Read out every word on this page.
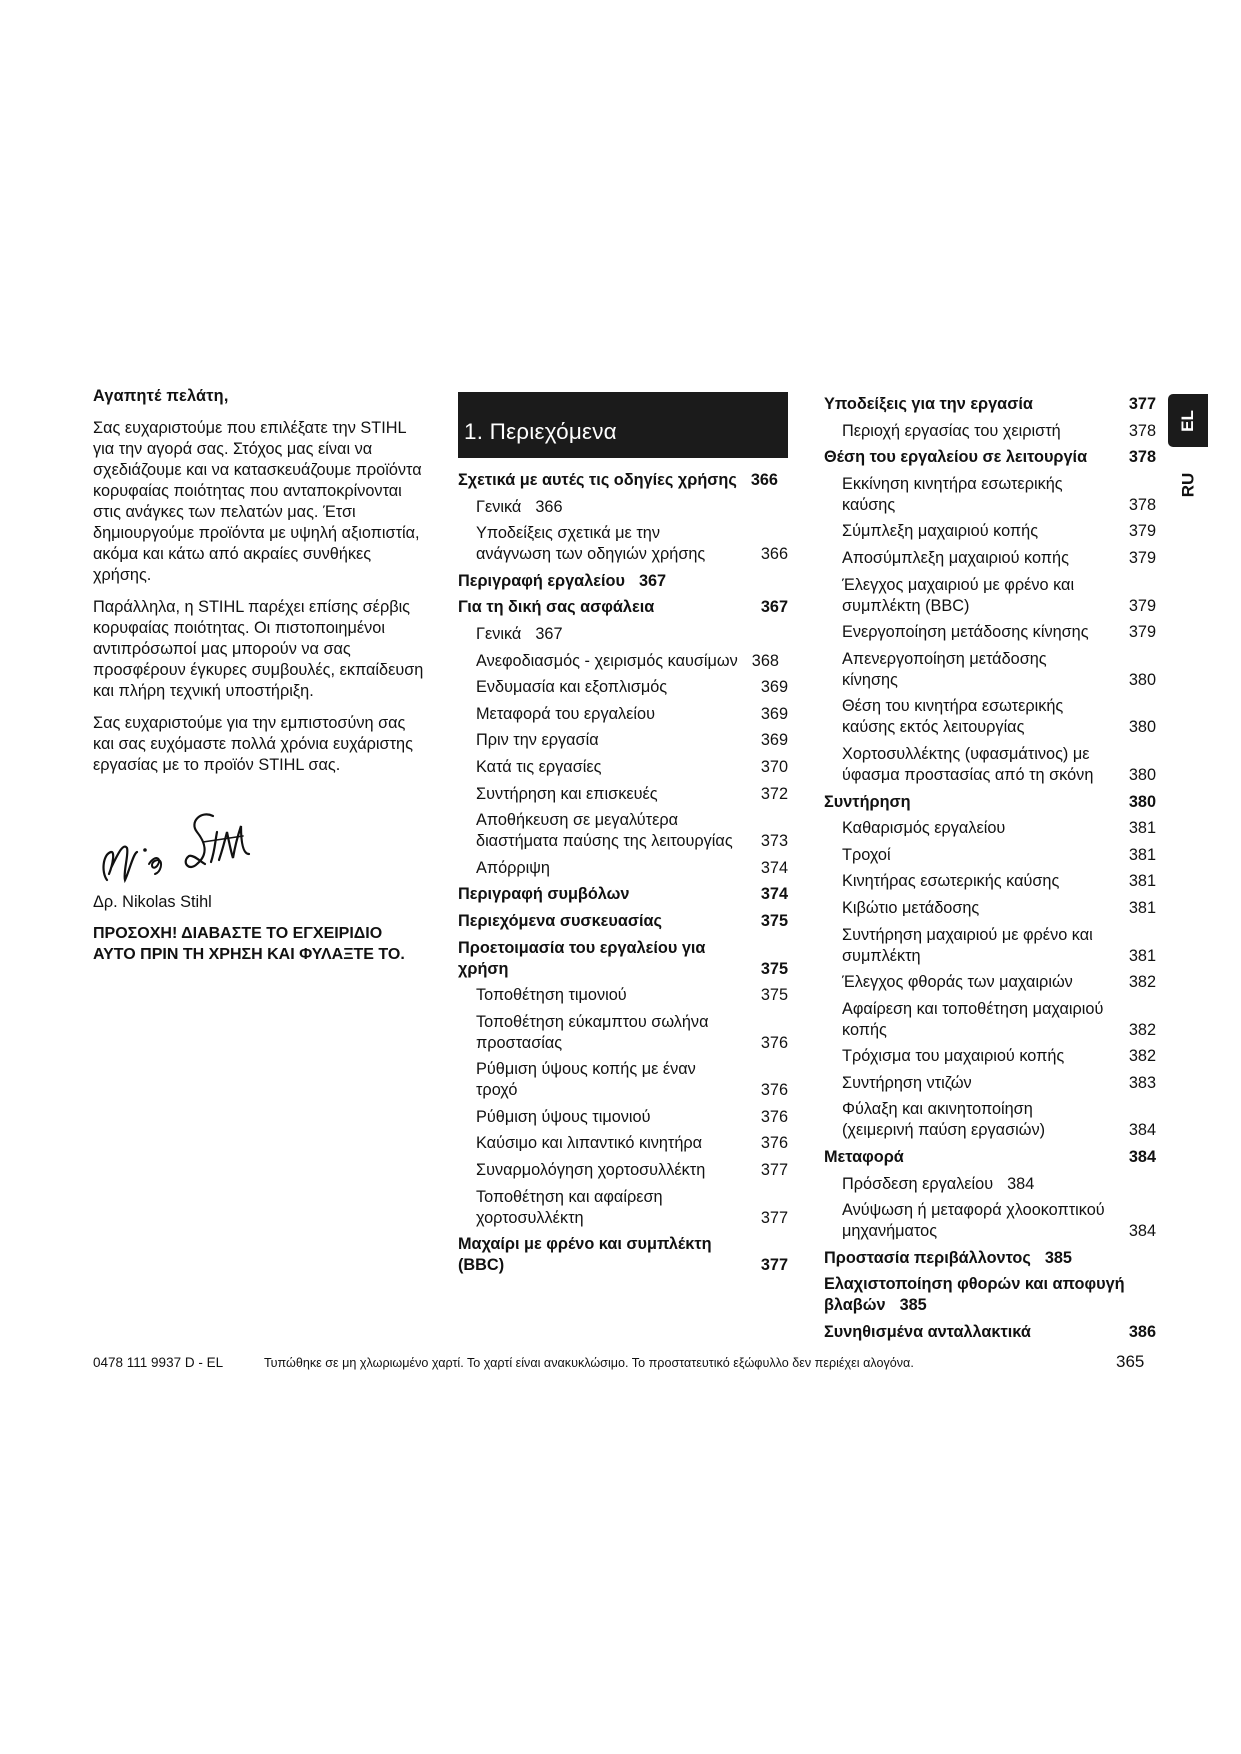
Αγαπητέ πελάτη,

Σας ευχαριστούμε που επιλέξατε την STIHL για την αγορά σας. Στόχος μας είναι να σχεδιάζουμε και να κατασκευάζουμε προϊόντα κορυφαίας ποιότητας που ανταποκρίνονται στις ανάγκες των πελατών μας. Έτσι δημιουργούμε προϊόντα με υψηλή αξιοπιστία, ακόμα και κάτω από ακραίες συνθήκες χρήσης.

Παράλληλα, η STIHL παρέχει επίσης σέρβις κορυφαίας ποιότητας. Οι πιστοποιημένοι αντιπρόσωποί μας μπορούν να σας προσφέρουν έγκυρες συμβουλές, εκπαίδευση και πλήρη τεχνική υποστήριξη.

Σας ευχαριστούμε για την εμπιστοσύνη σας και σας ευχόμαστε πολλά χρόνια ευχάριστης εργασίας με το προϊόν STIHL σας.

Δρ. Nikolas Stihl

ΠΡΟΣΟΧΗ! ΔΙΑΒΑΣΤΕ ΤΟ ΕΓΧΕΙΡΙΔΙΟ ΑΥΤΟ ΠΡΙΝ ΤΗ ΧΡΗΣΗ ΚΑΙ ΦΥΛΑΞΤΕ ΤΟ.
1. Περιεχόμενα
Σχετικά με αυτές τις οδηγίες χρήσης 366
Γενικά 366
Υποδείξεις σχετικά με την ανάγνωση των οδηγιών χρήσης	366
Περιγραφή εργαλείου 367
Για τη δική σας ασφάλεια	367
Γενικά 367
Ανεφοδιασμός - χειρισμός καυσίμων 368
Ενδυμασία και εξοπλισμός	369
Μεταφορά του εργαλείου	369
Πριν την εργασία	369
Κατά τις εργασίες	370
Συντήρηση και επισκευές	372
Αποθήκευση σε μεγαλύτερα διαστήματα παύσης της λειτουργίας	373
Απόρριψη	374
Περιγραφή συμβόλων	374
Περιεχόμενα συσκευασίας	375
Προετοιμασία του εργαλείου για χρήση	375
Τοποθέτηση τιμονιού	375
Τοποθέτηση εύκαμπτου σωλήνα προστασίας	376
Ρύθμιση ύψους κοπής με έναν τροχό	376
Ρύθμιση ύψους τιμονιού	376
Καύσιμο και λιπαντικό κινητήρα	376
Συναρμολόγηση χορτοσυλλέκτη	377
Τοποθέτηση και αφαίρεση χορτοσυλλέκτη	377
Μαχαίρι με φρένο και συμπλέκτη (BBC)	377
Υποδείξεις για την εργασία	377
Περιοχή εργασίας του χειριστή	378
Θέση του εργαλείου σε λειτουργία	378
Εκκίνηση κινητήρα εσωτερικής καύσης	378
Σύμπλεξη μαχαιριού κοπής	379
Αποσύμπλεξη μαχαιριού κοπής	379
Έλεγχος μαχαιριού με φρένο και συμπλέκτη (BBC)	379
Ενεργοποίηση μετάδοσης κίνησης	379
Απενεργοποίηση μετάδοσης κίνησης	380
Θέση του κινητήρα εσωτερικής καύσης εκτός λειτουργίας	380
Χορτοσυλλέκτης (υφασμάτινος) με ύφασμα προστασίας από τη σκόνη	380
Συντήρηση	380
Καθαρισμός εργαλείου	381
Τροχοί	381
Κινητήρας εσωτερικής καύσης	381
Κιβώτιο μετάδοσης	381
Συντήρηση μαχαιριού με φρένο και συμπλέκτη	381
Έλεγχος φθοράς των μαχαιριών	382
Αφαίρεση και τοποθέτηση μαχαιριού κοπής	382
Τρόχισμα του μαχαιριού κοπής	382
Συντήρηση ντιζών	383
Φύλαξη και ακινητοποίηση (χειμερινή παύση εργασιών)	384
Μεταφορά	384
Πρόσδεση εργαλείου 384
Ανύψωση ή μεταφορά χλοοκοπτικού μηχανήματος	384
Προστασία περιβάλλοντος 385
Ελαχιστοποίηση φθορών και αποφυγή βλαβών 385
Συνηθισμένα ανταλλακτικά	386
EL
RU
0478 111 9937 D - EL	Τυπώθηκε σε μη χλωριωμένο χαρτί. Το χαρτί είναι ανακυκλώσιμο. Το προστατευτικό εξώφυλλο δεν περιέχει αλογόνα.	365
